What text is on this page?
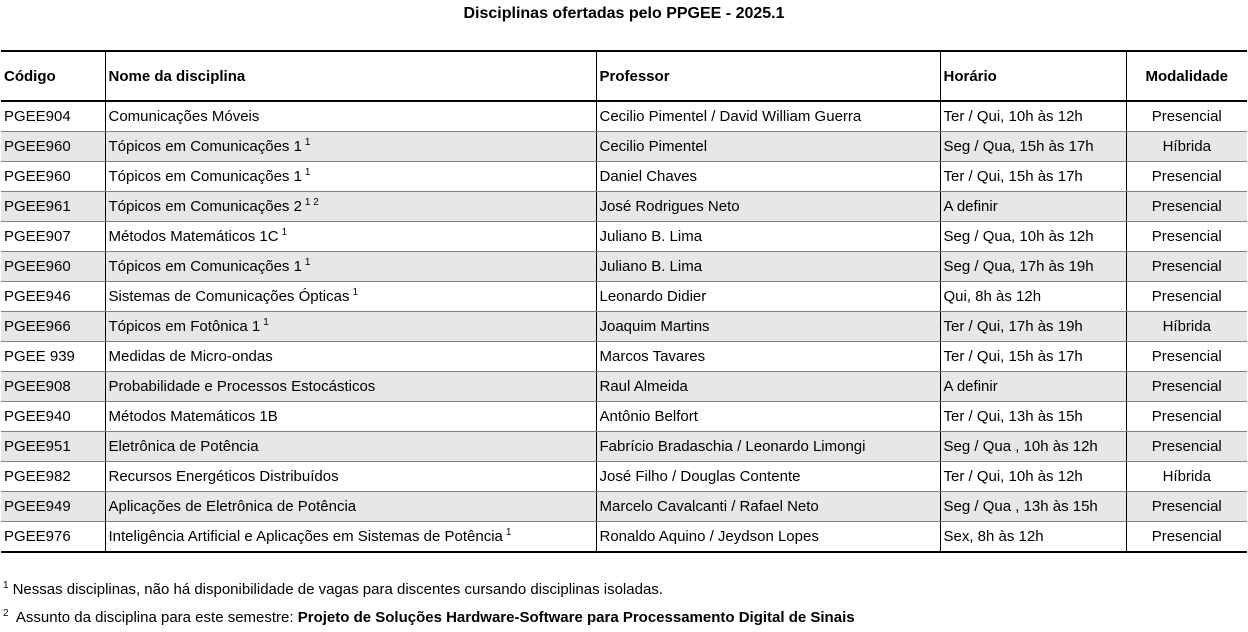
Disciplinas ofertadas pelo PPGEE - 2025.1
Código	Nome da disciplina	Professor	Horário	Modalidade
PGEE904	Comunicações Móveis	Cecilio Pimentel / David William Guerra	Ter / Qui, 10h às 12h	Presencial
PGEE960	Tópicos em Comunicações 1 $^1$	Cecilio Pimentel	Seg / Qua, 15h às 17h	Híbrida
PGEE960	Tópicos em Comunicações 1 $^1$	Daniel Chaves	Ter / Qui, 15h às 17h	Presencial
PGEE961	Tópicos em Comunicações 2 $^{1 2}$	José Rodrigues Neto	A definir	Presencial
PGEE907	Métodos Matemáticos 1C $^1$	Juliano B. Lima	Seg / Qua, 10h às 12h	Presencial
PGEE960	Tópicos em Comunicações 1 $^1$	Juliano B. Lima	Seg / Qua, 17h às 19h	Presencial
PGEE946	Sistemas de Comunicações Ópticas $^1$	Leonardo Didier	Qui, 8h às 12h	Presencial
PGEE966	Tópicos em Fotônica 1 $^1$	Joaquim Martins	Ter / Qui, 17h às 19h	Híbrida
PGEE 939	Medidas de Micro-ondas	Marcos Tavares	Ter / Qui, 15h às 17h	Presencial
PGEE908	Probabilidade e Processos Estocásticos	Raul Almeida	A definir	Presencial
PGEE940	Métodos Matemáticos 1B	Antônio Belfort	Ter / Qui, 13h às 15h	Presencial
PGEE951	Eletrônica de Potência	Fabrício Bradaschia / Leonardo Limongi	Seg / Qua , 10h às 12h	Presencial
PGEE982	Recursos Energéticos Distribuídos	José Filho / Douglas Contente	Ter / Qui, 10h às 12h	Híbrida
PGEE949	Aplicações de Eletrônica de Potência	Marcelo Cavalcanti / Rafael Neto	Seg / Qua , 13h às 15h	Presencial
PGEE976	Inteligência Artificial e Aplicações em Sistemas de Potência $^1$	Ronaldo Aquino / Jeydson Lopes	Sex, 8h às 12h	Presencial
$^1$ Nessas disciplinas, não há disponibilidade de vagas para discentes cursando disciplinas isoladas.
$^2$ Assunto da disciplina para este semestre: Projeto de Soluções Hardware-Software para Processamento Digital de Sinais
